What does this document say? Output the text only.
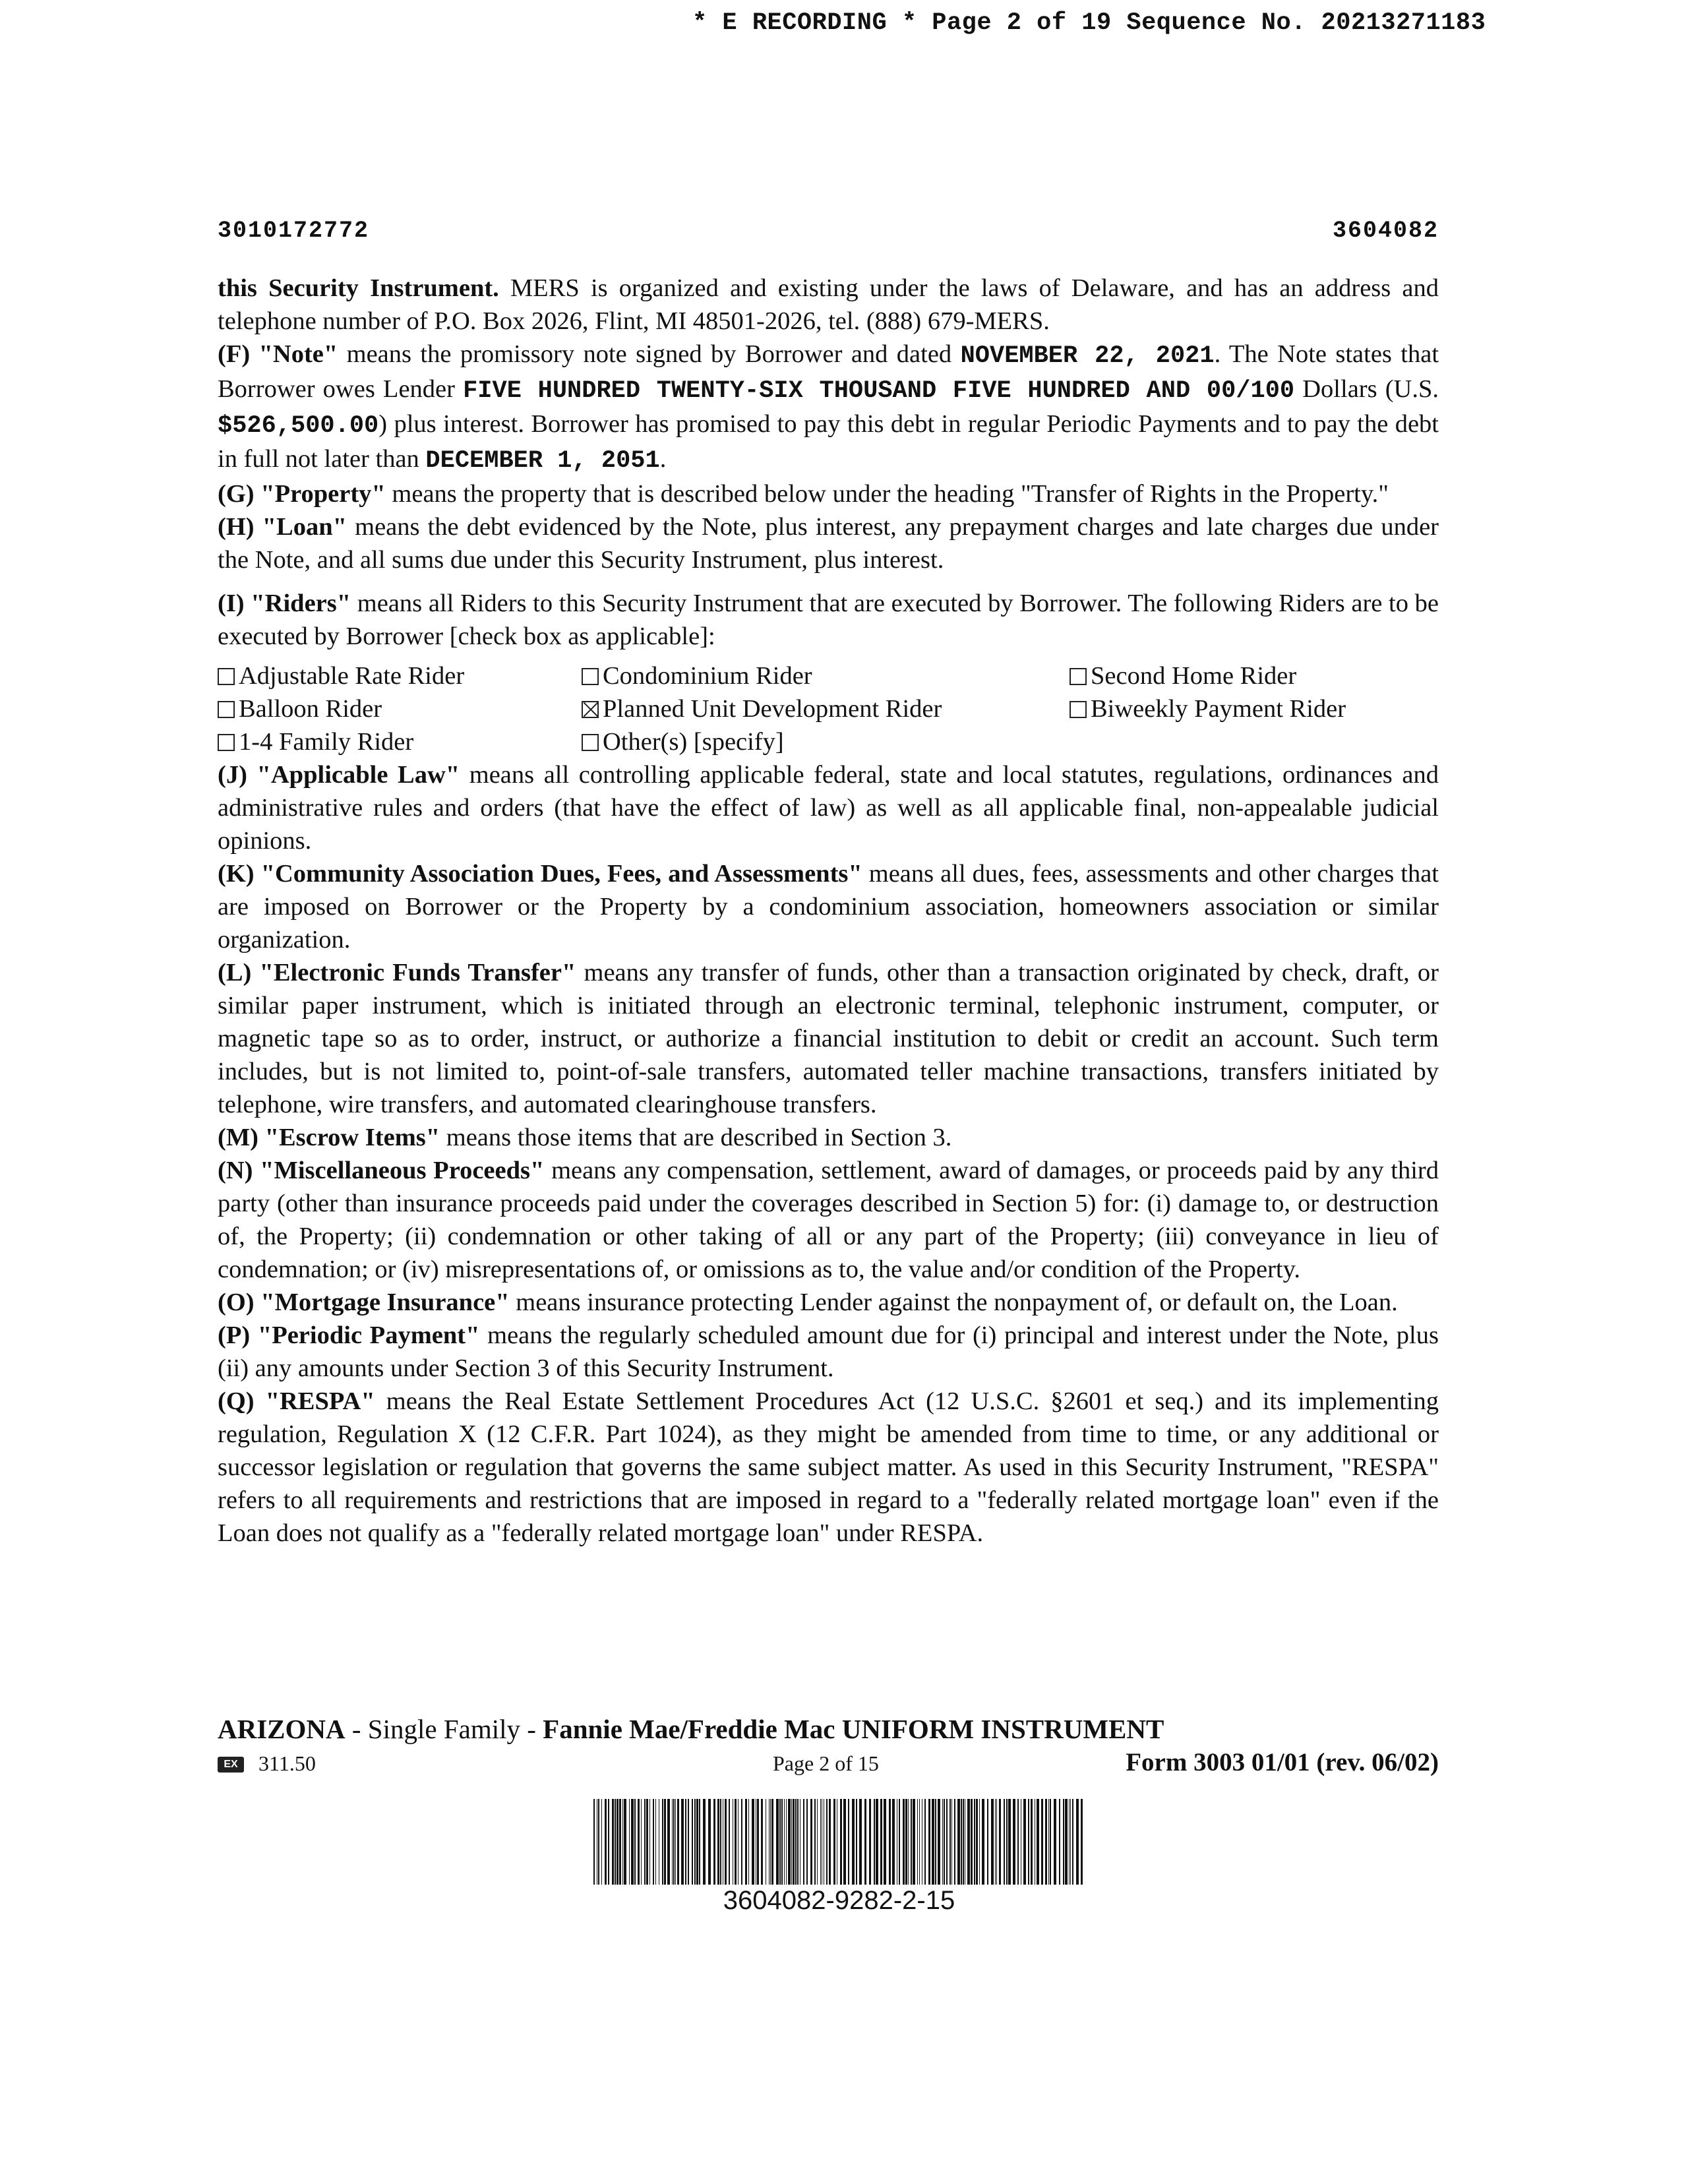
* E RECORDING * Page 2 of 19 Sequence No. 20213271183
3010172772	3604082

this Security Instrument. MERS is organized and existing under the laws of Delaware, and has an address and telephone number of P.O. Box 2026, Flint, MI 48501-2026, tel. (888) 679-MERS.

(F) "Note" means the promissory note signed by Borrower and dated NOVEMBER 22, 2021. The Note states that Borrower owes Lender FIVE HUNDRED TWENTY-SIX THOUSAND FIVE HUNDRED AND 00/100 Dollars (U.S. $526,500.00) plus interest. Borrower has promised to pay this debt in regular Periodic Payments and to pay the debt in full not later than DECEMBER 1, 2051.

(G) "Property" means the property that is described below under the heading "Transfer of Rights in the Property."

(H) "Loan" means the debt evidenced by the Note, plus interest, any prepayment charges and late charges due under the Note, and all sums due under this Security Instrument, plus interest.

(I) "Riders" means all Riders to this Security Instrument that are executed by Borrower. The following Riders are to be executed by Borrower [check box as applicable]:

Adjustable Rate Rider	Condominium Rider	Second Home Rider
Balloon Rider	Planned Unit Development Rider	Biweekly Payment Rider
1-4 Family Rider	Other(s) [specify]

(J) "Applicable Law" means all controlling applicable federal, state and local statutes, regulations, ordinances and administrative rules and orders (that have the effect of law) as well as all applicable final, non-appealable judicial opinions.

(K) "Community Association Dues, Fees, and Assessments" means all dues, fees, assessments and other charges that are imposed on Borrower or the Property by a condominium association, homeowners association or similar organization.

(L) "Electronic Funds Transfer" means any transfer of funds, other than a transaction originated by check, draft, or similar paper instrument, which is initiated through an electronic terminal, telephonic instrument, computer, or magnetic tape so as to order, instruct, or authorize a financial institution to debit or credit an account. Such term includes, but is not limited to, point-of-sale transfers, automated teller machine transactions, transfers initiated by telephone, wire transfers, and automated clearinghouse transfers.

(M) "Escrow Items" means those items that are described in Section 3.

(N) "Miscellaneous Proceeds" means any compensation, settlement, award of damages, or proceeds paid by any third party (other than insurance proceeds paid under the coverages described in Section 5) for: (i) damage to, or destruction of, the Property; (ii) condemnation or other taking of all or any part of the Property; (iii) conveyance in lieu of condemnation; or (iv) misrepresentations of, or omissions as to, the value and/or condition of the Property.

(O) "Mortgage Insurance" means insurance protecting Lender against the nonpayment of, or default on, the Loan.

(P) "Periodic Payment" means the regularly scheduled amount due for (i) principal and interest under the Note, plus (ii) any amounts under Section 3 of this Security Instrument.

(Q) "RESPA" means the Real Estate Settlement Procedures Act (12 U.S.C. §2601 et seq.) and its implementing regulation, Regulation X (12 C.F.R. Part 1024), as they might be amended from time to time, or any additional or successor legislation or regulation that governs the same subject matter. As used in this Security Instrument, "RESPA" refers to all requirements and restrictions that are imposed in regard to a "federally related mortgage loan" even if the Loan does not qualify as a "federally related mortgage loan" under RESPA.

ARIZONA - Single Family - Fannie Mae/Freddie Mac UNIFORM INSTRUMENT
EX 311.50	Page 2 of 15	Form 3003 01/01 (rev. 06/02)
3604082-9282-2-15
